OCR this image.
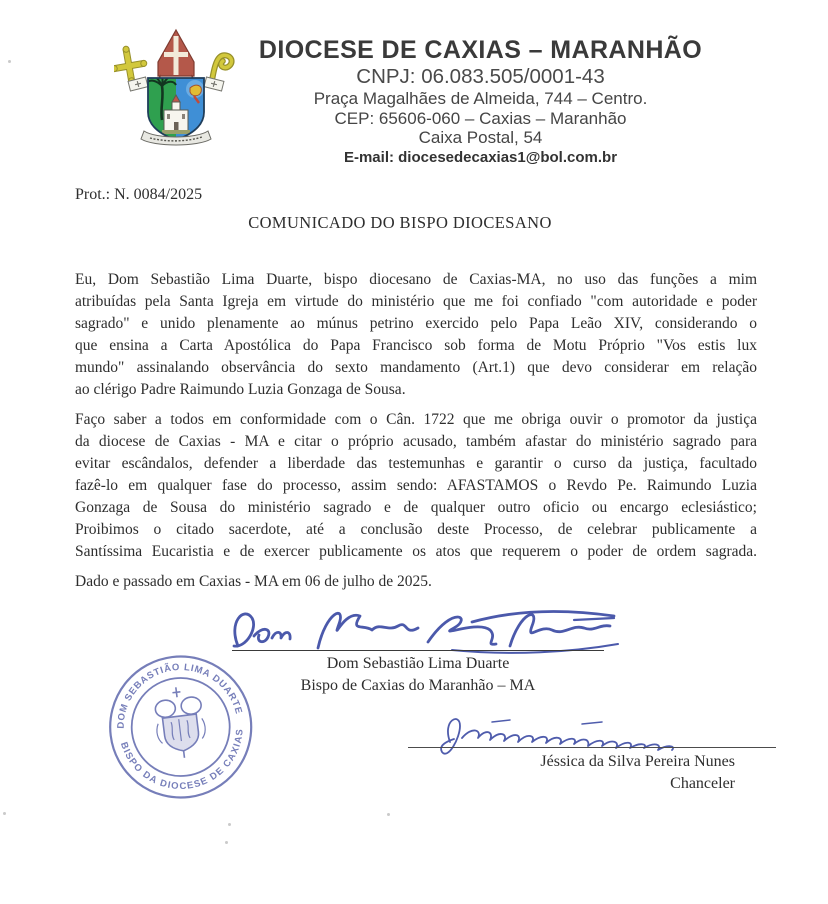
DIOCESE DE CAXIAS – MARANHÃO
CNPJ: 06.083.505/0001-43
Praça Magalhães de Almeida, 744 – Centro.
CEP: 65606-060 – Caxias – Maranhão
Caixa Postal, 54
E-mail: diocesedecaxias1@bol.com.br
Prot.: N. 0084/2025
COMUNICADO DO BISPO DIOCESANO
Eu, Dom Sebastião Lima Duarte, bispo diocesano de Caxias-MA, no uso das funções a mim
atribuídas pela Santa Igreja em virtude do ministério que me foi confiado "com autoridade e poder
sagrado" e unido plenamente ao múnus petrino exercido pelo Papa Leão XIV, considerando o
que ensina a Carta Apostólica do Papa Francisco sob forma de Motu Próprio "Vos estis lux
mundo" assinalando observância do sexto mandamento (Art.1) que devo considerar em relação
ao clérigo Padre Raimundo Luzia Gonzaga de Sousa.
Faço saber a todos em conformidade com o Cân. 1722 que me obriga ouvir o promotor da justiça
da diocese de Caxias - MA e citar o próprio acusado, também afastar do ministério sagrado para
evitar escândalos, defender a liberdade das testemunhas e garantir o curso da justiça, facultado
fazê-lo em qualquer fase do processo, assim sendo: AFASTAMOS o Revdo Pe. Raimundo Luzia
Gonzaga de Sousa do ministério sagrado e de qualquer outro oficio ou encargo eclesiástico;
Proibimos o citado sacerdote, até a conclusão deste Processo, de celebrar publicamente a
Santíssima Eucaristia e de exercer publicamente os atos que requerem o poder de ordem sagrada.
Dado e passado em Caxias - MA em 06 de julho de 2025.
Dom Sebastião Lima Duarte
Bispo de Caxias do Maranhão – MA
DOM SEBASTIÃO LIMA DUARTE
BISPO DA DIOCESE DE CAXIAS
Jéssica da Silva Pereira Nunes
Chanceler
